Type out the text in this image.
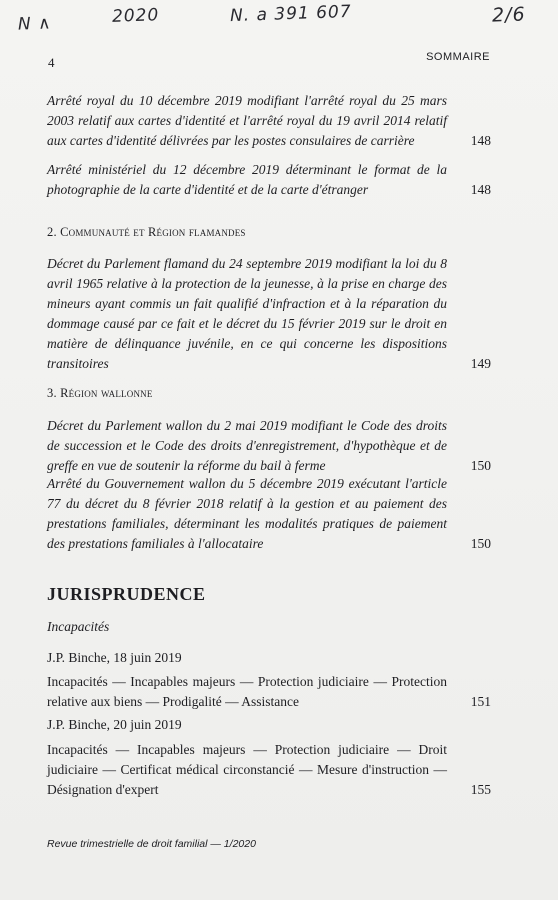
N ∧	2020	N. a 391 607	2/6
4	SOMMAIRE
Arrêté royal du 10 décembre 2019 modifiant l'arrêté royal du 25 mars 2003 relatif aux cartes d'identité et l'arrêté royal du 19 avril 2014 relatif aux cartes d'identité délivrées par les postes consulaires de carrière	148
Arrêté ministériel du 12 décembre 2019 déterminant le format de la photographie de la carte d'identité et de la carte d'étranger	148
2. Communauté et Région flamandes
Décret du Parlement flamand du 24 septembre 2019 modifiant la loi du 8 avril 1965 relative à la protection de la jeunesse, à la prise en charge des mineurs ayant commis un fait qualifié d'infraction et à la réparation du dommage causé par ce fait et le décret du 15 février 2019 sur le droit en matière de délinquance juvénile, en ce qui concerne les dispositions transitoires	149
3. Région wallonne
Décret du Parlement wallon du 2 mai 2019 modifiant le Code des droits de succession et le Code des droits d'enregistrement, d'hypothèque et de greffe en vue de soutenir la réforme du bail à ferme	150
Arrêté du Gouvernement wallon du 5 décembre 2019 exécutant l'article 77 du décret du 8 février 2018 relatif à la gestion et au paiement des prestations familiales, déterminant les modalités pratiques de paiement des prestations familiales à l'allocataire	150
JURISPRUDENCE
Incapacités
J.P. Binche, 18 juin 2019
Incapacités — Incapables majeurs — Protection judiciaire — Protection relative aux biens — Prodigalité — Assistance	151
J.P. Binche, 20 juin 2019
Incapacités — Incapables majeurs — Protection judiciaire — Droit judiciaire — Certificat médical circonstancié — Mesure d'instruction — Désignation d'expert	155
Revue trimestrielle de droit familial — 1/2020
